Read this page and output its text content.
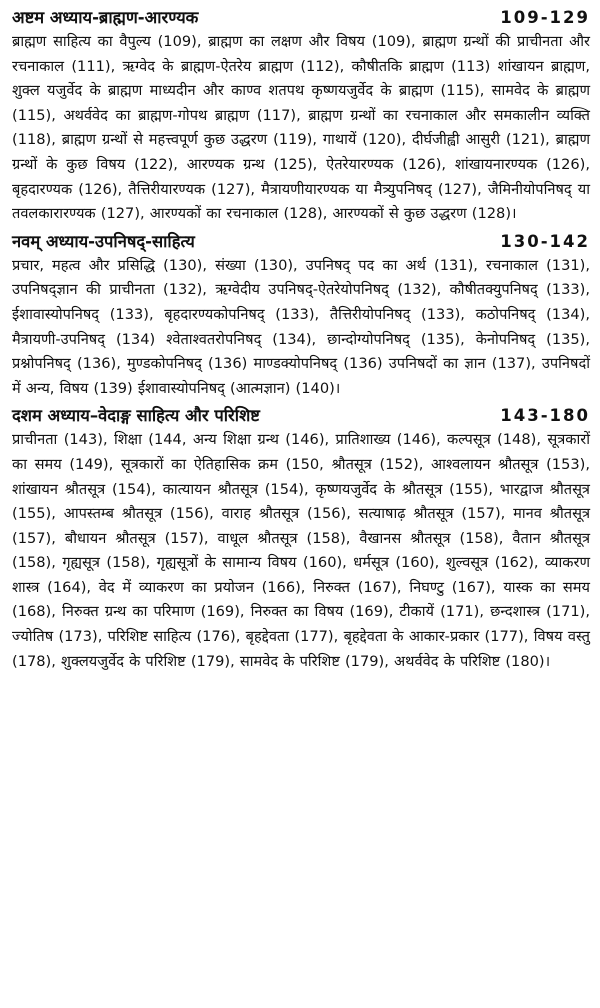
अष्टम अध्याय-ब्राह्मण-आरण्यक	109-129

ब्राह्मण साहित्य का वैपुल्य (109), ब्राह्मण का लक्षण और विषय (109), ब्राह्मण ग्रन्थों की प्राचीनता और रचनाकाल (111), ऋग्वेद के ब्राह्मण-ऐतरेय ब्राह्मण (112), कौषीतकि ब्राह्मण (113) शांखायन ब्राह्मण, शुक्ल यजुर्वेद के ब्राह्मण माध्यदीन और काण्व शतपथ कृष्णयजुर्वेद के ब्राह्मण (115), सामवेद के ब्राह्मण (115), अथर्ववेद का ब्राह्मण-गोपथ ब्राह्मण (117), ब्राह्मण ग्रन्थों का रचनाकाल और समकालीन व्यक्ति (118), ब्राह्मण ग्रन्थों से महत्त्वपूर्ण कुछ उद्धरण (119), गाथायें (120), दीर्घजीह्वी आसुरी (121), ब्राह्मण ग्रन्थों के कुछ विषय (122), आरण्यक ग्रन्थ (125), ऐतरेयारण्यक (126), शांखायनारण्यक (126), बृहदारण्यक (126), तैत्तिरीयारण्यक (127), मैत्रायणीयारण्यक या मैत्र्युपनिषद् (127), जैमिनीयोपनिषद् या तवलकारारण्यक (127), आरण्यकों का रचनाकाल (128), आरण्यकों से कुछ उद्धरण (128)।

नवम् अध्याय-उपनिषद्-साहित्य	130-142

प्रचार, महत्व और प्रसिद्धि (130), संख्या (130), उपनिषद् पद का अर्थ (131), रचनाकाल (131), उपनिषद्ज्ञान की प्राचीनता (132), ऋग्वेदीय उपनिषद्-ऐतरेयोपनिषद् (132), कौषीतक्युपनिषद् (133), ईशावास्योपनिषद् (133), बृहदारण्यकोपनिषद् (133), तैत्तिरीयोपनिषद् (133), कठोपनिषद् (134), मैत्रायणी-उपनिषद् (134) श्वेताश्वतरोपनिषद् (134), छान्दोग्योपनिषद् (135), केनोपनिषद् (135), प्रश्नोपनिषद् (136), मुण्डकोपनिषद् (136) माण्डक्योपनिषद् (136) उपनिषदों का ज्ञान (137), उपनिषदों में अन्य, विषय (139) ईशावास्योपनिषद् (आत्मज्ञान) (140)।

दशम अध्याय–वेदाङ्ग साहित्य और परिशिष्ट	143-180

प्राचीनता (143), शिक्षा (144, अन्य शिक्षा ग्रन्थ (146), प्रातिशाख्य (146), कल्पसूत्र (148), सूत्रकारों का समय (149), सूत्रकारों का ऐतिहासिक क्रम (150, श्रौतसूत्र (152), आश्वलायन श्रौतसूत्र (153), शांखायन श्रौतसूत्र (154), कात्यायन श्रौतसूत्र (154), कृष्णयजुर्वेद के श्रौतसूत्र (155), भारद्वाज श्रौतसूत्र (155), आपस्तम्ब श्रौतसूत्र (156), वाराह श्रौतसूत्र (156), सत्याषाढ़ श्रौतसूत्र (157), मानव श्रौतसूत्र (157), बौधायन श्रौतसूत्र (157), वाधूल श्रौतसूत्र (158), वैखानस श्रौतसूत्र (158), वैतान श्रौतसूत्र (158), गृह्यसूत्र (158), गृह्यसूत्रों के सामान्य विषय (160), धर्मसूत्र (160), शुल्वसूत्र (162), व्याकरण शास्त्र (164), वेद में व्याकरण का प्रयोजन (166), निरुक्त (167), निघण्टु (167), यास्क का समय (168), निरुक्त ग्रन्थ का परिमाण (169), निरुक्त का विषय (169), टीकायें (171), छन्दशास्त्र (171), ज्योतिष (173), परिशिष्ट साहित्य (176), बृहद्देवता (177), बृहद्देवता के आकार-प्रकार (177), विषय वस्तु (178), शुक्लयजुर्वेद के परिशिष्ट (179), सामवेद के परिशिष्ट (179), अथर्ववेद के परिशिष्ट (180)।
